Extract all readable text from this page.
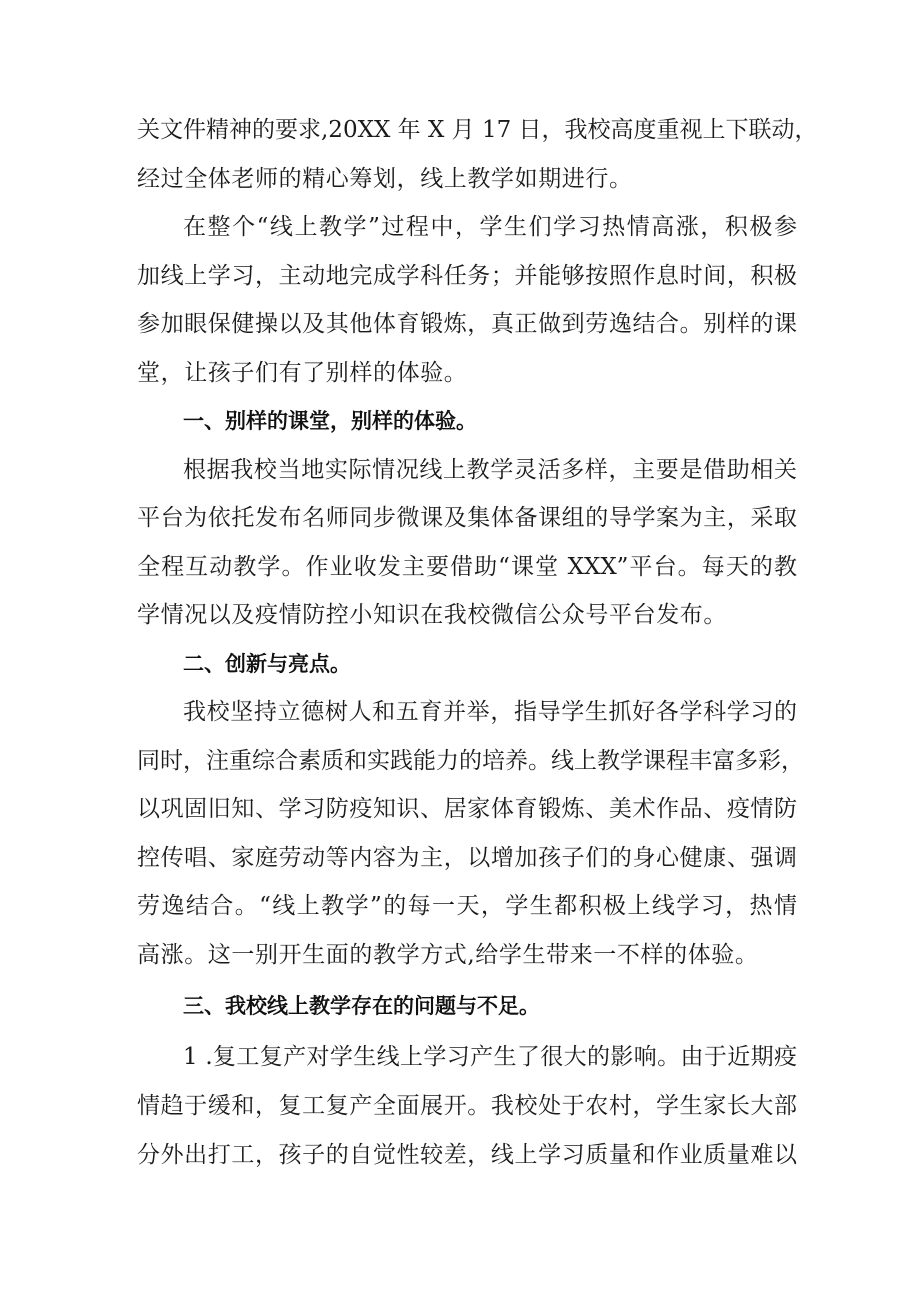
关文件精神的要求,20XX 年 X 月 17 日，我校高度重视上下联动，

经过全体老师的精心筹划，线上教学如期进行。

在整个“线上教学”过程中，学生们学习热情高涨，积极参

加线上学习，主动地完成学科任务；并能够按照作息时间，积极

参加眼保健操以及其他体育锻炼，真正做到劳逸结合。别样的课

堂，让孩子们有了别样的体验。

一、别样的课堂，别样的体验。

根据我校当地实际情况线上教学灵活多样，主要是借助相关

平台为依托发布名师同步微课及集体备课组的导学案为主，采取

全程互动教学。作业收发主要借助“课堂 XXX”平台。每天的教

学情况以及疫情防控小知识在我校微信公众号平台发布。

二、创新与亮点。

我校坚持立德树人和五育并举，指导学生抓好各学科学习的

同时，注重综合素质和实践能力的培养。线上教学课程丰富多彩，

以巩固旧知、学习防疫知识、居家体育锻炼、美术作品、疫情防

控传唱、家庭劳动等内容为主，以增加孩子们的身心健康、强调

劳逸结合。“线上教学”的每一天，学生都积极上线学习，热情

高涨。这一别开生面的教学方式,给学生带来一不样的体验。

三、我校线上教学存在的问题与不足。

1 .复工复产对学生线上学习产生了很大的影响。由于近期疫

情趋于缓和，复工复产全面展开。我校处于农村，学生家长大部

分外出打工，孩子的自觉性较差，线上学习质量和作业质量难以
